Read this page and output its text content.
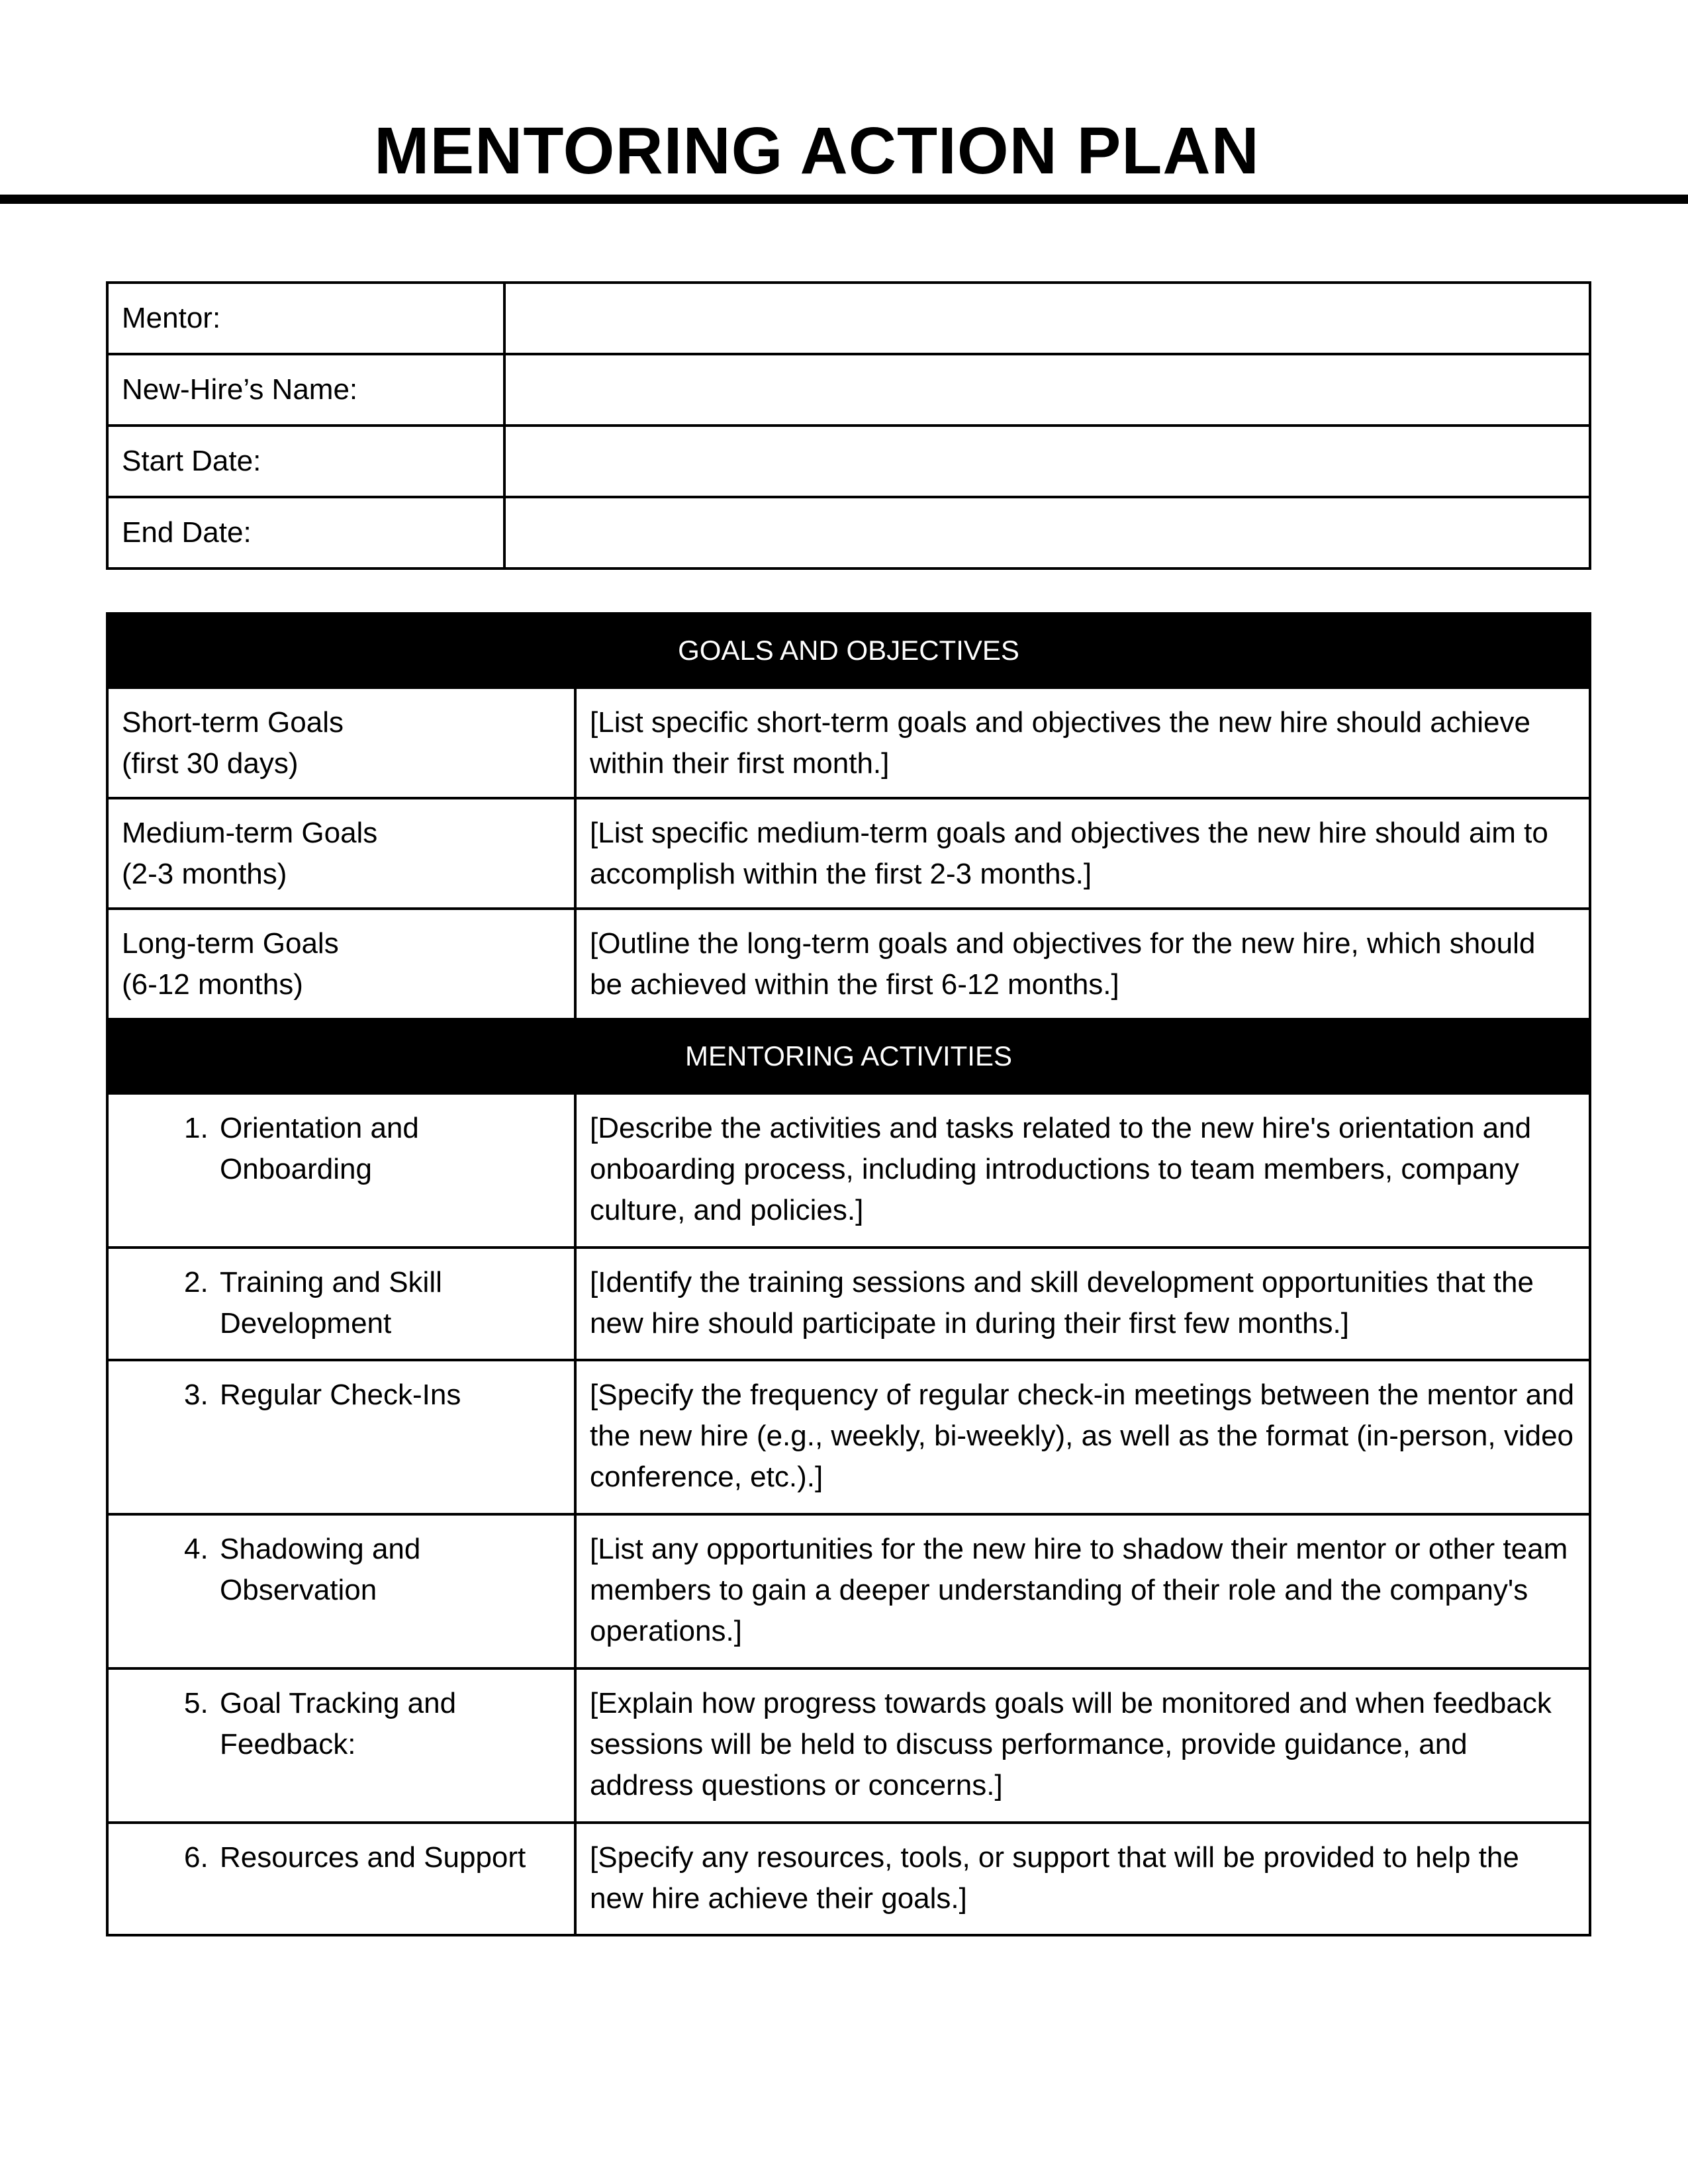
MENTORING ACTION PLAN
Mentor:	
New-Hire’s Name:	
Start Date:	
End Date:	
GOALS AND OBJECTIVES	

Short-term Goals
(first 30 days)	[List specific short-term goals and objectives the new hire should achieve within their first month.]

Medium-term Goals
(2-3 months)	[List specific medium-term goals and objectives the new hire should aim to accomplish within the first 2-3 months.]

Long-term Goals
(6-12 months)	[Outline the long-term goals and objectives for the new hire, which should be achieved within the first 6-12 months.]
MENTORING ACTIVITIES	

1. Orientation and Onboarding	[Describe the activities and tasks related to the new hire's orientation and onboarding process, including introductions to team members, company culture, and policies.]

2. Training and Skill Development	[Identify the training sessions and skill development opportunities that the new hire should participate in during their first few months.]

3. Regular Check-Ins	[Specify the frequency of regular check-in meetings between the mentor and the new hire (e.g., weekly, bi-weekly), as well as the format (in-person, video conference, etc.).]

4. Shadowing and Observation	[List any opportunities for the new hire to shadow their mentor or other team members to gain a deeper understanding of their role and the company's operations.]

5. Goal Tracking and Feedback:	[Explain how progress towards goals will be monitored and when feedback sessions will be held to discuss performance, provide guidance, and address questions or concerns.]

6. Resources and Support	[Specify any resources, tools, or support that will be provided to help the new hire achieve their goals.]
